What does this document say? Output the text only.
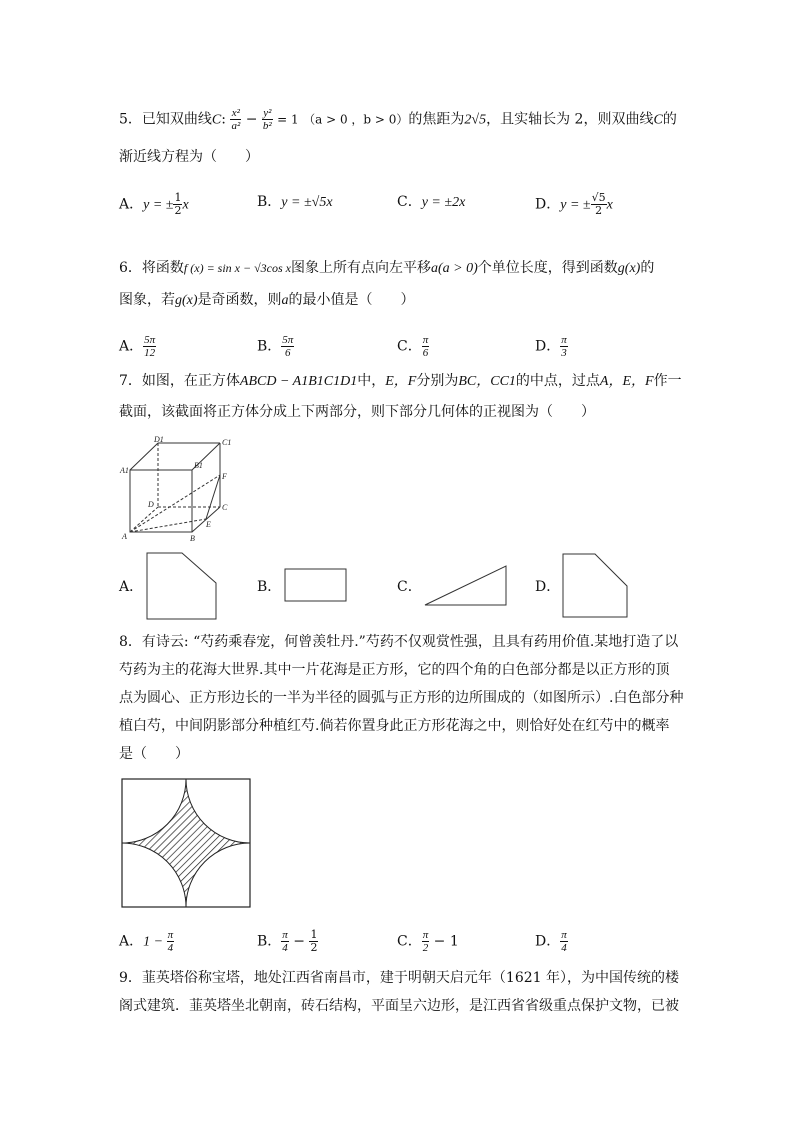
5．已知双曲线C: $\frac{\text{x²}}{\text{a²}} - \frac{\text{y²}}{\text{b²}} = 1$ （a > 0 ，b > 0）的焦距为2√5，且实轴长为 2，则双曲线C的
渐近线方程为（　　）
A．y = ± $\frac{1}{2}$ x	B．y = ±√5x	C．y = ±2x	D．y = ± $\frac{√5}{2}$ x
6．将函数f (x) = sin x − √3cos x图象上所有点向左平移a(a > 0)个单位长度，得到函数g(x)的
图象，若g(x)是奇函数，则a的最小值是（　　）
A． $\frac{5\pi}{12}$	B． $\frac{5\pi}{6}$	C． $\frac{\pi}{6}$	D． $\frac{\pi}{3}$
7．如图，在正方体ABCD − A1B1C1D1中，E，F分别为BC，CC1的中点，过点A，E，F作一
截面，该截面将正方体分成上下两部分，则下部分几何体的正视图为（　　）
D1	C1
A1
B1
F
D	C
A	B
E
A．	B．	C．	D．
8．有诗云: “芍药乘春宠，何曾羡牡丹.”芍药不仅观赏性强，且具有药用价值.某地打造了以
芍药为主的花海大世界.其中一片花海是正方形，它的四个角的白色部分都是以正方形的顶
点为圆心、正方形边长的一半为半径的圆弧与正方形的边所围成的（如图所示）.白色部分种
植白芍，中间阴影部分种植红芍.倘若你置身此正方形花海之中，则恰好处在红芍中的概率
是（　　）
A．$1 - \frac{\pi}{4}$	B． $\frac{\pi}{4} - \frac{1}{2}$	C． $\frac{\pi}{2} - 1$	D． $\frac{\pi}{4}$
9．韮英塔俗称宝塔，地处江西省南昌市，建于明朝天启元年（1621 年），为中国传统的楼
阁式建筑．韮英塔坐北朝南，砖石结构，平面呈六边形，是江西省省级重点保护文物，已被
